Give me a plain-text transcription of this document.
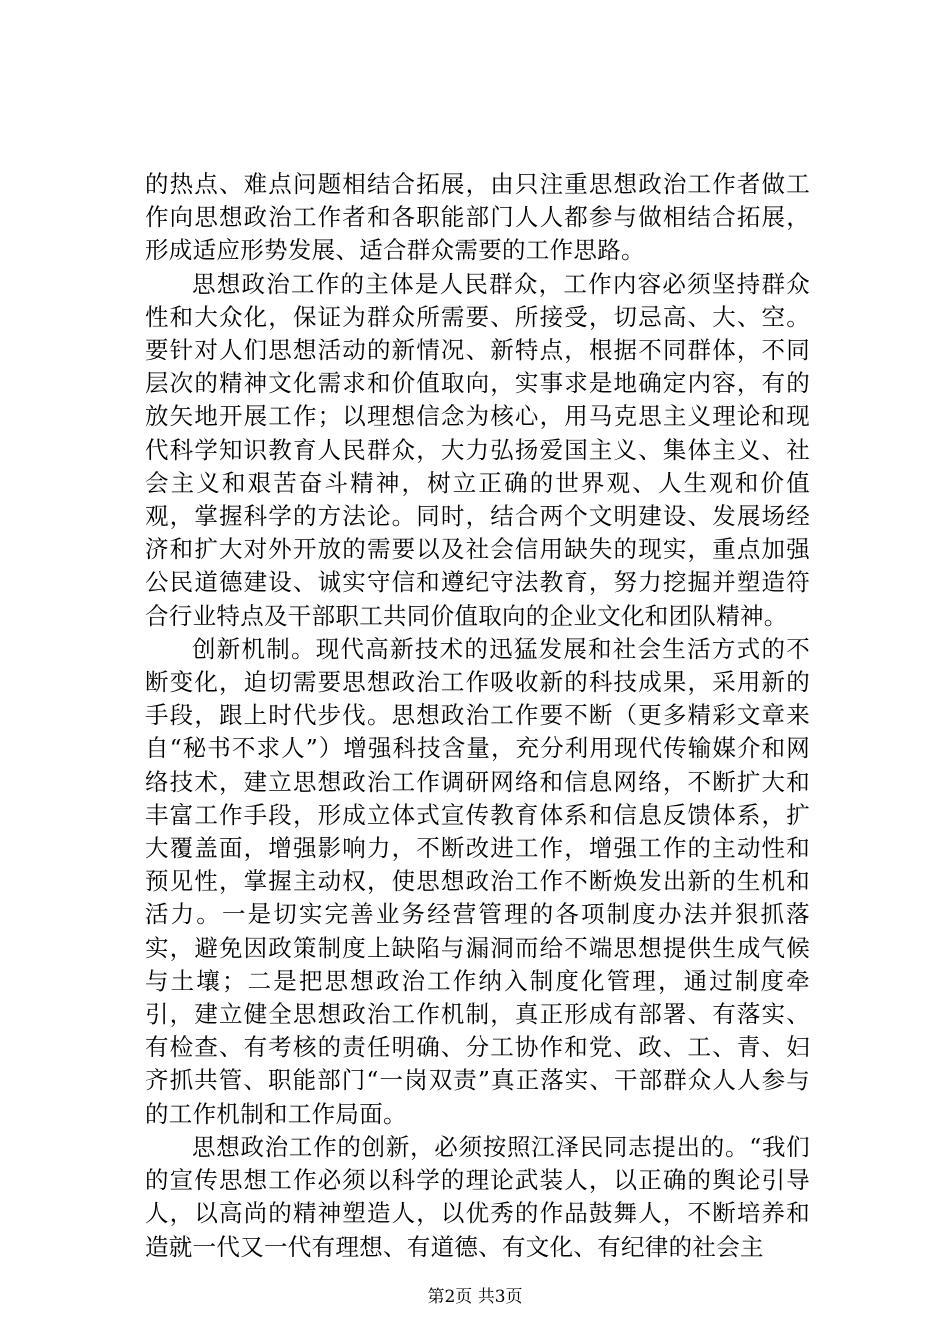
的热点、难点问题相结合拓展，由只注重思想政治工作者做工作向思想政治工作者和各职能部门人人都参与做相结合拓展，形成适应形势发展、适合群众需要的工作思路。

思想政治工作的主体是人民群众，工作内容必须坚持群众性和大众化，保证为群众所需要、所接受，切忌高、大、空。要针对人们思想活动的新情况、新特点，根据不同群体，不同层次的精神文化需求和价值取向，实事求是地确定内容，有的放矢地开展工作；以理想信念为核心，用马克思主义理论和现代科学知识教育人民群众，大力弘扬爱国主义、集体主义、社会主义和艰苦奋斗精神，树立正确的世界观、人生观和价值观，掌握科学的方法论。同时，结合两个文明建设、发展场经济和扩大对外开放的需要以及社会信用缺失的现实，重点加强公民道德建设、诚实守信和遵纪守法教育，努力挖掘并塑造符合行业特点及干部职工共同价值取向的企业文化和团队精神。

创新机制。现代高新技术的迅猛发展和社会生活方式的不断变化，迫切需要思想政治工作吸收新的科技成果，采用新的手段，跟上时代步伐。思想政治工作要不断（更多精彩文章来自“秘书不求人”）增强科技含量，充分利用现代传输媒介和网络技术，建立思想政治工作调研网络和信息网络，不断扩大和丰富工作手段，形成立体式宣传教育体系和信息反馈体系，扩大覆盖面，增强影响力，不断改进工作，增强工作的主动性和预见性，掌握主动权，使思想政治工作不断焕发出新的生机和活力。一是切实完善业务经营管理的各项制度办法并狠抓落实，避免因政策制度上缺陷与漏洞而给不端思想提供生成气候与土壤；二是把思想政治工作纳入制度化管理，通过制度牵引，建立健全思想政治工作机制，真正形成有部署、有落实、有检查、有考核的责任明确、分工协作和党、政、工、青、妇齐抓共管、职能部门“一岗双责”真正落实、干部群众人人参与的工作机制和工作局面。

思想政治工作的创新，必须按照江泽民同志提出的。“我们的宣传思想工作必须以科学的理论武装人，以正确的舆论引导人，以高尚的精神塑造人，以优秀的作品鼓舞人，不断培养和造就一代又一代有理想、有道德、有文化、有纪律的社会主

第2页 共3页
